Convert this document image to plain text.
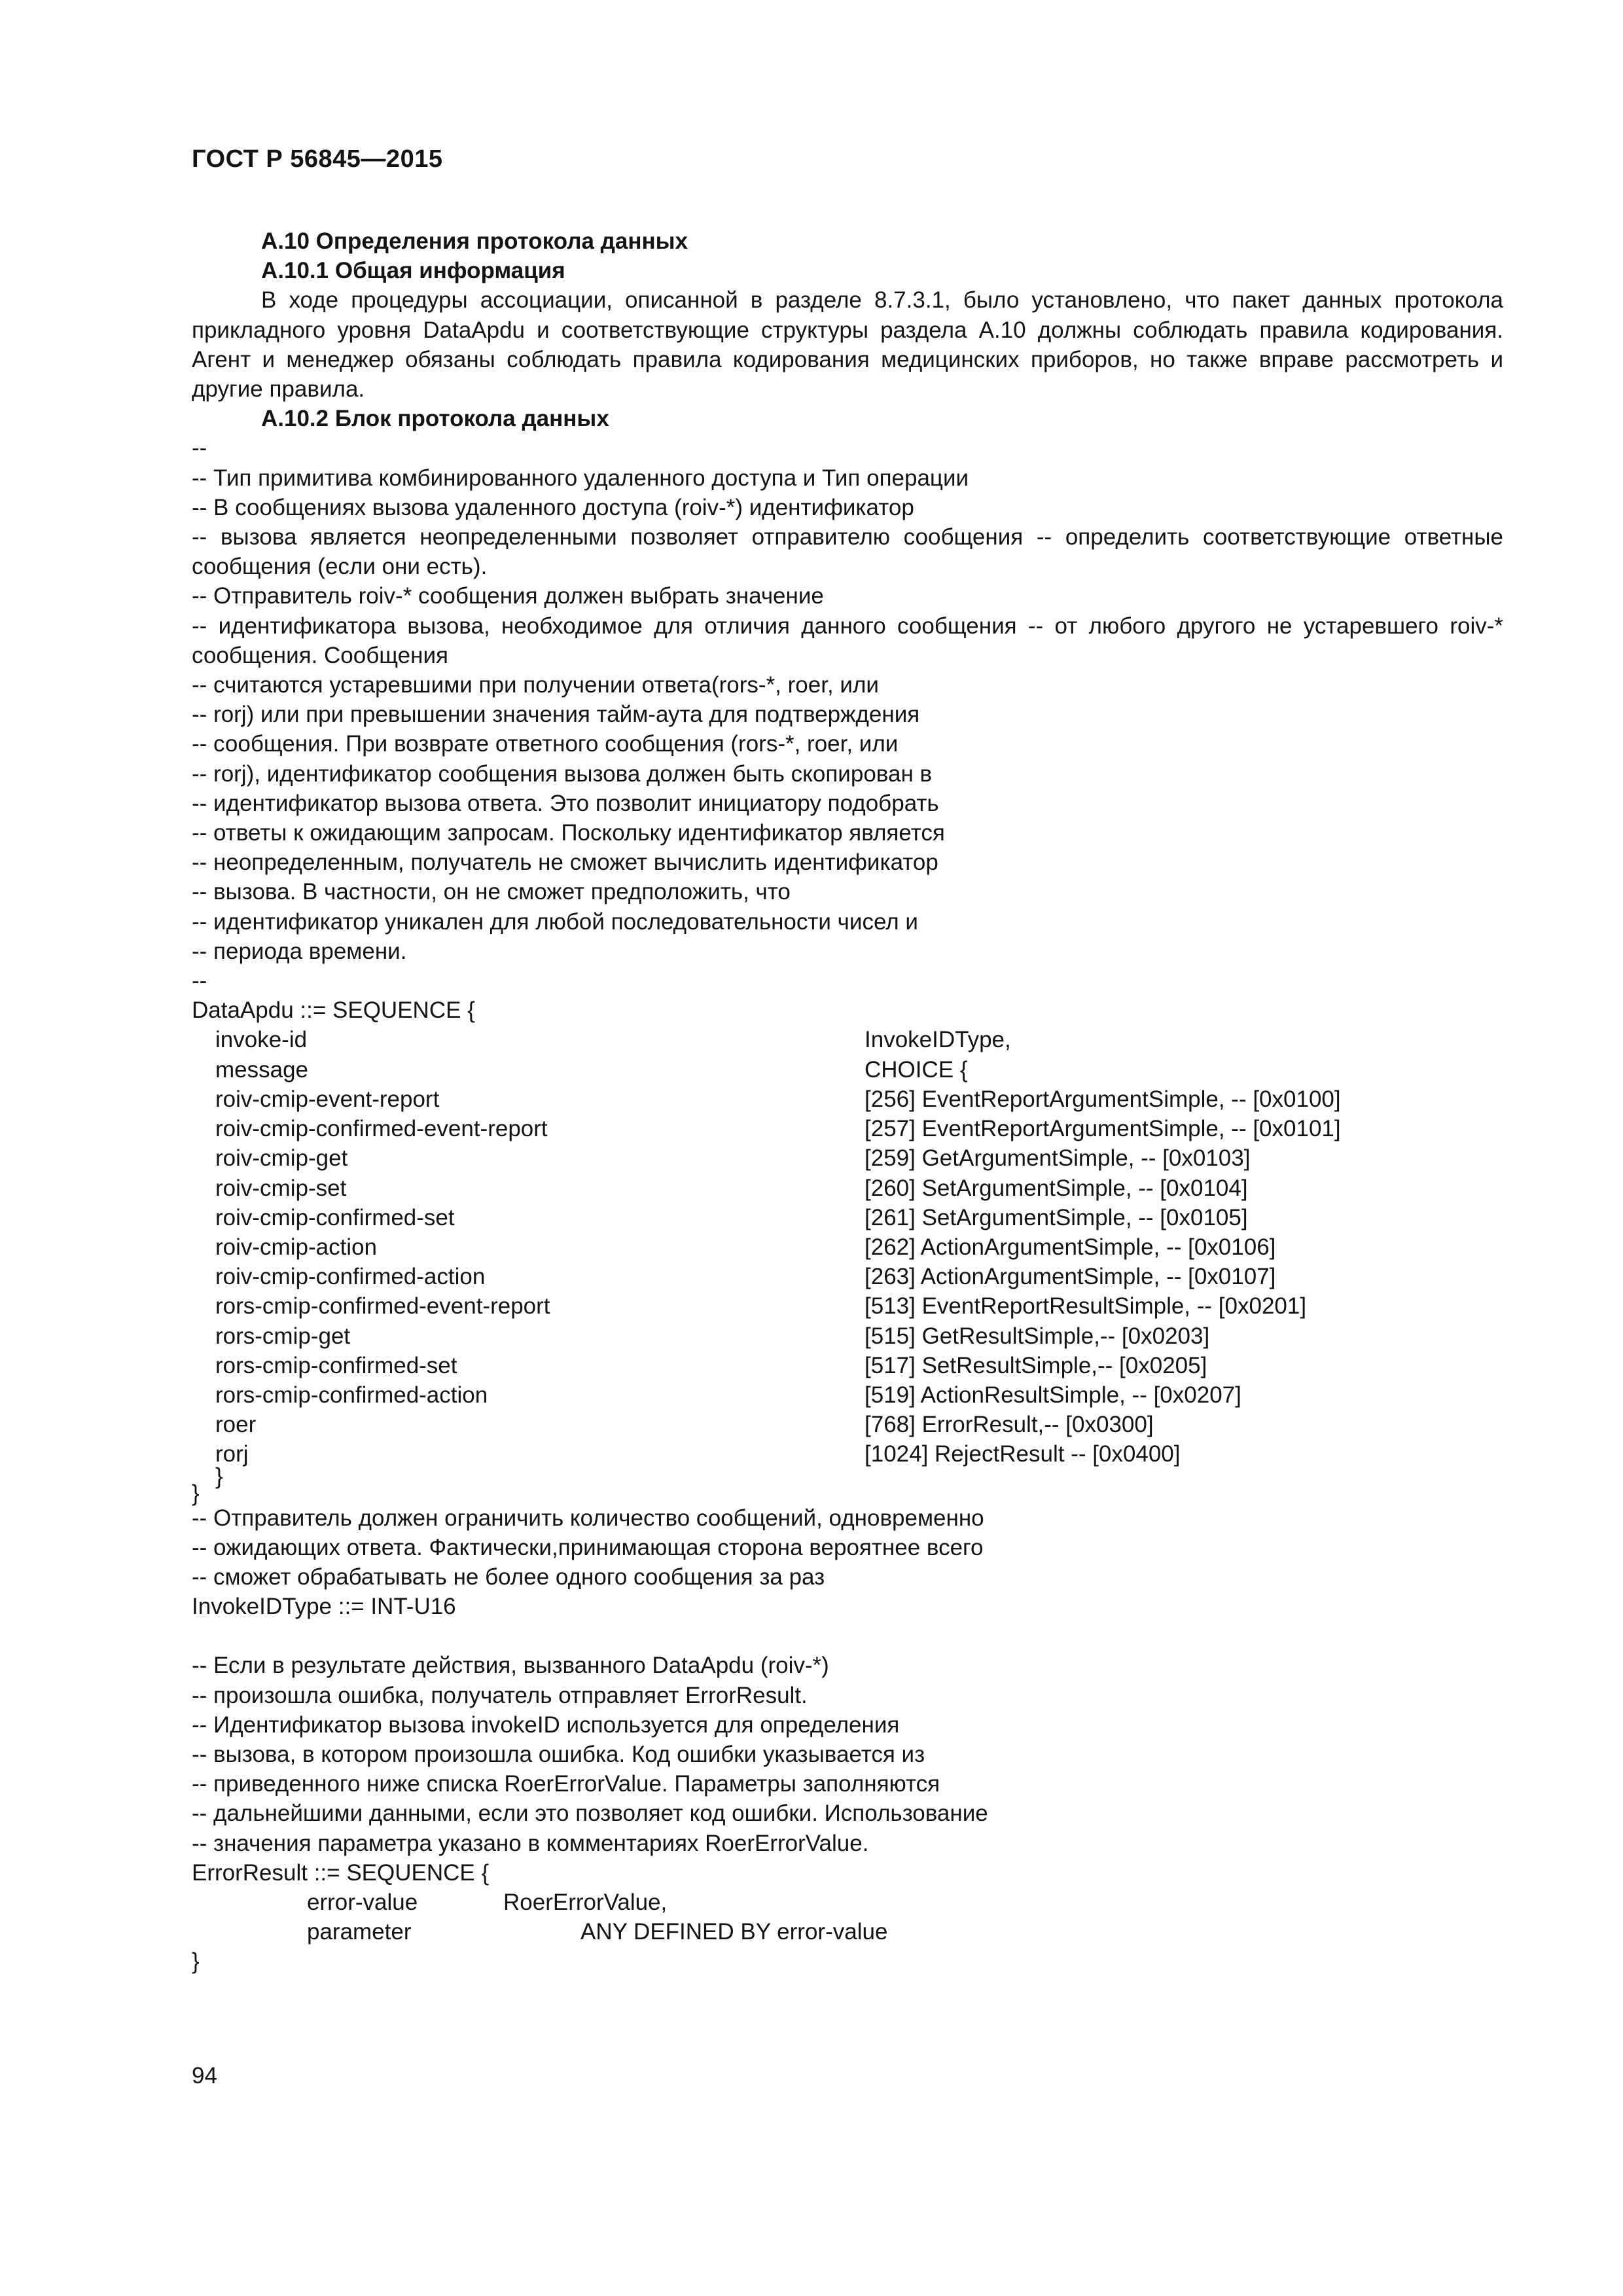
ГОСТ Р 56845—2015
A.10 Определения протокола данных
A.10.1 Общая информация
В ходе процедуры ассоциации, описанной в разделе 8.7.3.1, было установлено, что пакет данных протокола прикладного уровня DataApdu и соответствующие структуры раздела А.10 должны соблюдать правила кодирования. Агент и менеджер обязаны соблюдать правила кодирования медицинских приборов, но также вправе рассмотреть и другие правила.
A.10.2 Блок протокола данных
--
-- Тип примитива комбинированного удаленного доступа и Тип операции
-- В сообщениях вызова удаленного доступа (roiv-*) идентификатор
-- вызова является неопределенными позволяет отправителю сообщения -- определить соответствующие ответные сообщения (если они есть).
-- Отправитель roiv-* сообщения должен выбрать значение
-- идентификатора вызова, необходимое для отличия данного сообщения -- от любого другого не устаревшего roiv-* сообщения. Сообщения
-- считаются устаревшими при получении ответа(rors-*, roer, или
-- rorj) или при превышении значения тайм-аута для подтверждения
-- сообщения. При возврате ответного сообщения (rors-*, roer, или
-- rorj), идентификатор сообщения вызова должен быть скопирован в
-- идентификатор вызова ответа. Это позволит инициатору подобрать
-- ответы к ожидающим запросам. Поскольку идентификатор является
-- неопределенным, получатель не сможет вычислить идентификатор
-- вызова. В частности, он не сможет предположить, что
-- идентификатор уникален для любой последовательности чисел и
-- периода времени.
--
DataApdu ::= SEQUENCE {
invoke-id	InvokeIDType,
message	CHOICE {
roiv-cmip-event-report	[256] EventReportArgumentSimple, -- [0x0100]
roiv-cmip-confirmed-event-report	[257] EventReportArgumentSimple, -- [0x0101]
roiv-cmip-get	[259] GetArgumentSimple, -- [0x0103]
roiv-cmip-set	[260] SetArgumentSimple, -- [0x0104]
roiv-cmip-confirmed-set	[261] SetArgumentSimple, -- [0x0105]
roiv-cmip-action	[262] ActionArgumentSimple, -- [0x0106]
roiv-cmip-confirmed-action	[263] ActionArgumentSimple, -- [0x0107]
rors-cmip-confirmed-event-report	[513] EventReportResultSimple, -- [0x0201]
rors-cmip-get	[515] GetResultSimple,-- [0x0203]
rors-cmip-confirmed-set	[517] SetResultSimple,-- [0x0205]
rors-cmip-confirmed-action	[519] ActionResultSimple, -- [0x0207]
roer	[768] ErrorResult,-- [0x0300]
rorj	[1024] RejectResult -- [0x0400]
}
}
-- Отправитель должен ограничить количество сообщений, одновременно
-- ожидающих ответа. Фактически,принимающая сторона вероятнее всего
-- сможет обрабатывать не более одного сообщения за раз
InvokeIDType ::= INT-U16
-- Если в результате действия, вызванного DataApdu (roiv-*)
-- произошла ошибка, получатель отправляет ErrorResult.
-- Идентификатор вызова invokeID используется для определения
-- вызова, в котором произошла ошибка. Код ошибки указывается из
-- приведенного ниже списка RoerErrorValue. Параметры заполняются
-- дальнейшими данными, если это позволяет код ошибки. Использование
-- значения параметра указано в комментариях RoerErrorValue.
ErrorResult ::= SEQUENCE {
error-value	RoerErrorValue,
parameter	ANY DEFINED BY error-value
}
94
